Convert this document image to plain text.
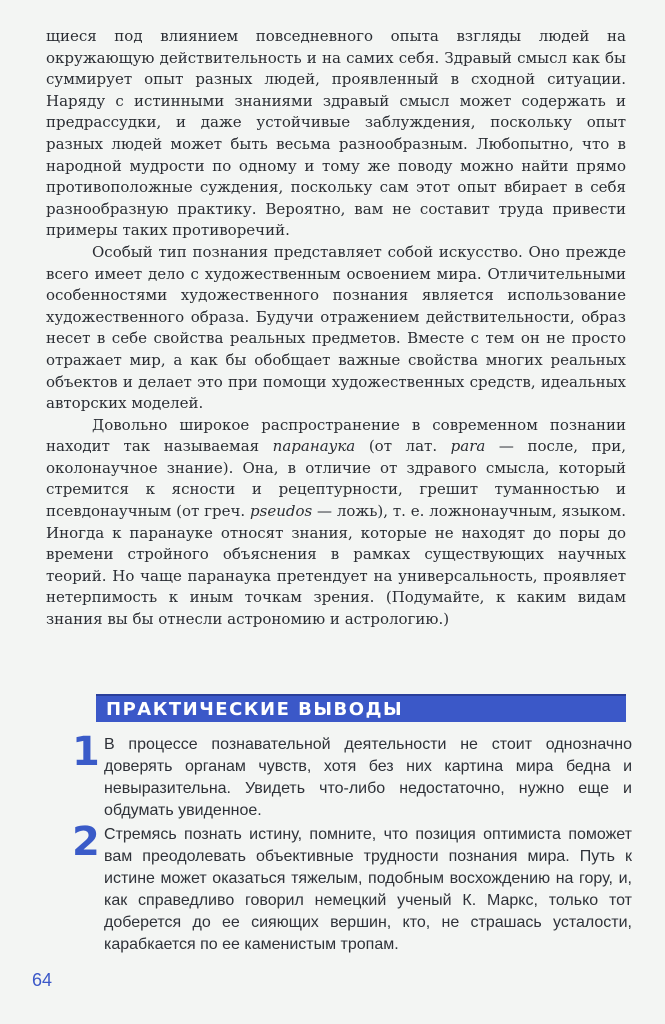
щиеся под влиянием повседневного опыта взгляды людей на окружающую действительность и на самих себя. Здравый смысл как бы суммирует опыт разных людей, проявленный в сходной ситуации. Наряду с истинными знаниями здравый смысл может содержать и предрассудки, и даже устойчивые заблуждения, поскольку опыт разных людей может быть весьма разнообразным. Любопытно, что в народной мудрости по одному и тому же поводу можно найти прямо противоположные суждения, поскольку сам этот опыт вбирает в себя разнообразную практику. Вероятно, вам не составит труда привести примеры таких противоречий.

Особый тип познания представляет собой искусство. Оно прежде всего имеет дело с художественным освоением мира. Отличительными особенностями художественного познания является использование художественного образа. Будучи отражением действительности, образ несет в себе свойства реальных предметов. Вместе с тем он не просто отражает мир, а как бы обобщает важные свойства многих реальных объектов и делает это при помощи художественных средств, идеальных авторских моделей.

Довольно широкое распространение в современном познании находит так называемая паранаука (от лат. para — после, при, околонаучное знание). Она, в отличие от здравого смысла, который стремится к ясности и рецептурности, грешит туманностью и псевдонаучным (от греч. pseudos — ложь), т. е. ложнонаучным, языком. Иногда к паранауке относят знания, которые не находят до поры до времени стройного объяснения в рамках существующих научных теорий. Но чаще паранаука претендует на универсальность, проявляет нетерпимость к иным точкам зрения. (Подумайте, к каким видам знания вы бы отнесли астрономию и астрологию.)

ПРАКТИЧЕСКИЕ ВЫВОДЫ
1 В процессе познавательной деятельности не стоит однозначно доверять органам чувств, хотя без них картина мира бедна и невыразительна. Увидеть что-либо недостаточно, нужно еще и обдумать увиденное.
2 Стремясь познать истину, помните, что позиция оптимиста поможет вам преодолевать объективные трудности познания мира. Путь к истине может оказаться тяжелым, подобным восхождению на гору, и, как справедливо говорил немецкий ученый К. Маркс, только тот доберется до ее сияющих вершин, кто, не страшась усталости, карабкается по ее каменистым тропам.
64
